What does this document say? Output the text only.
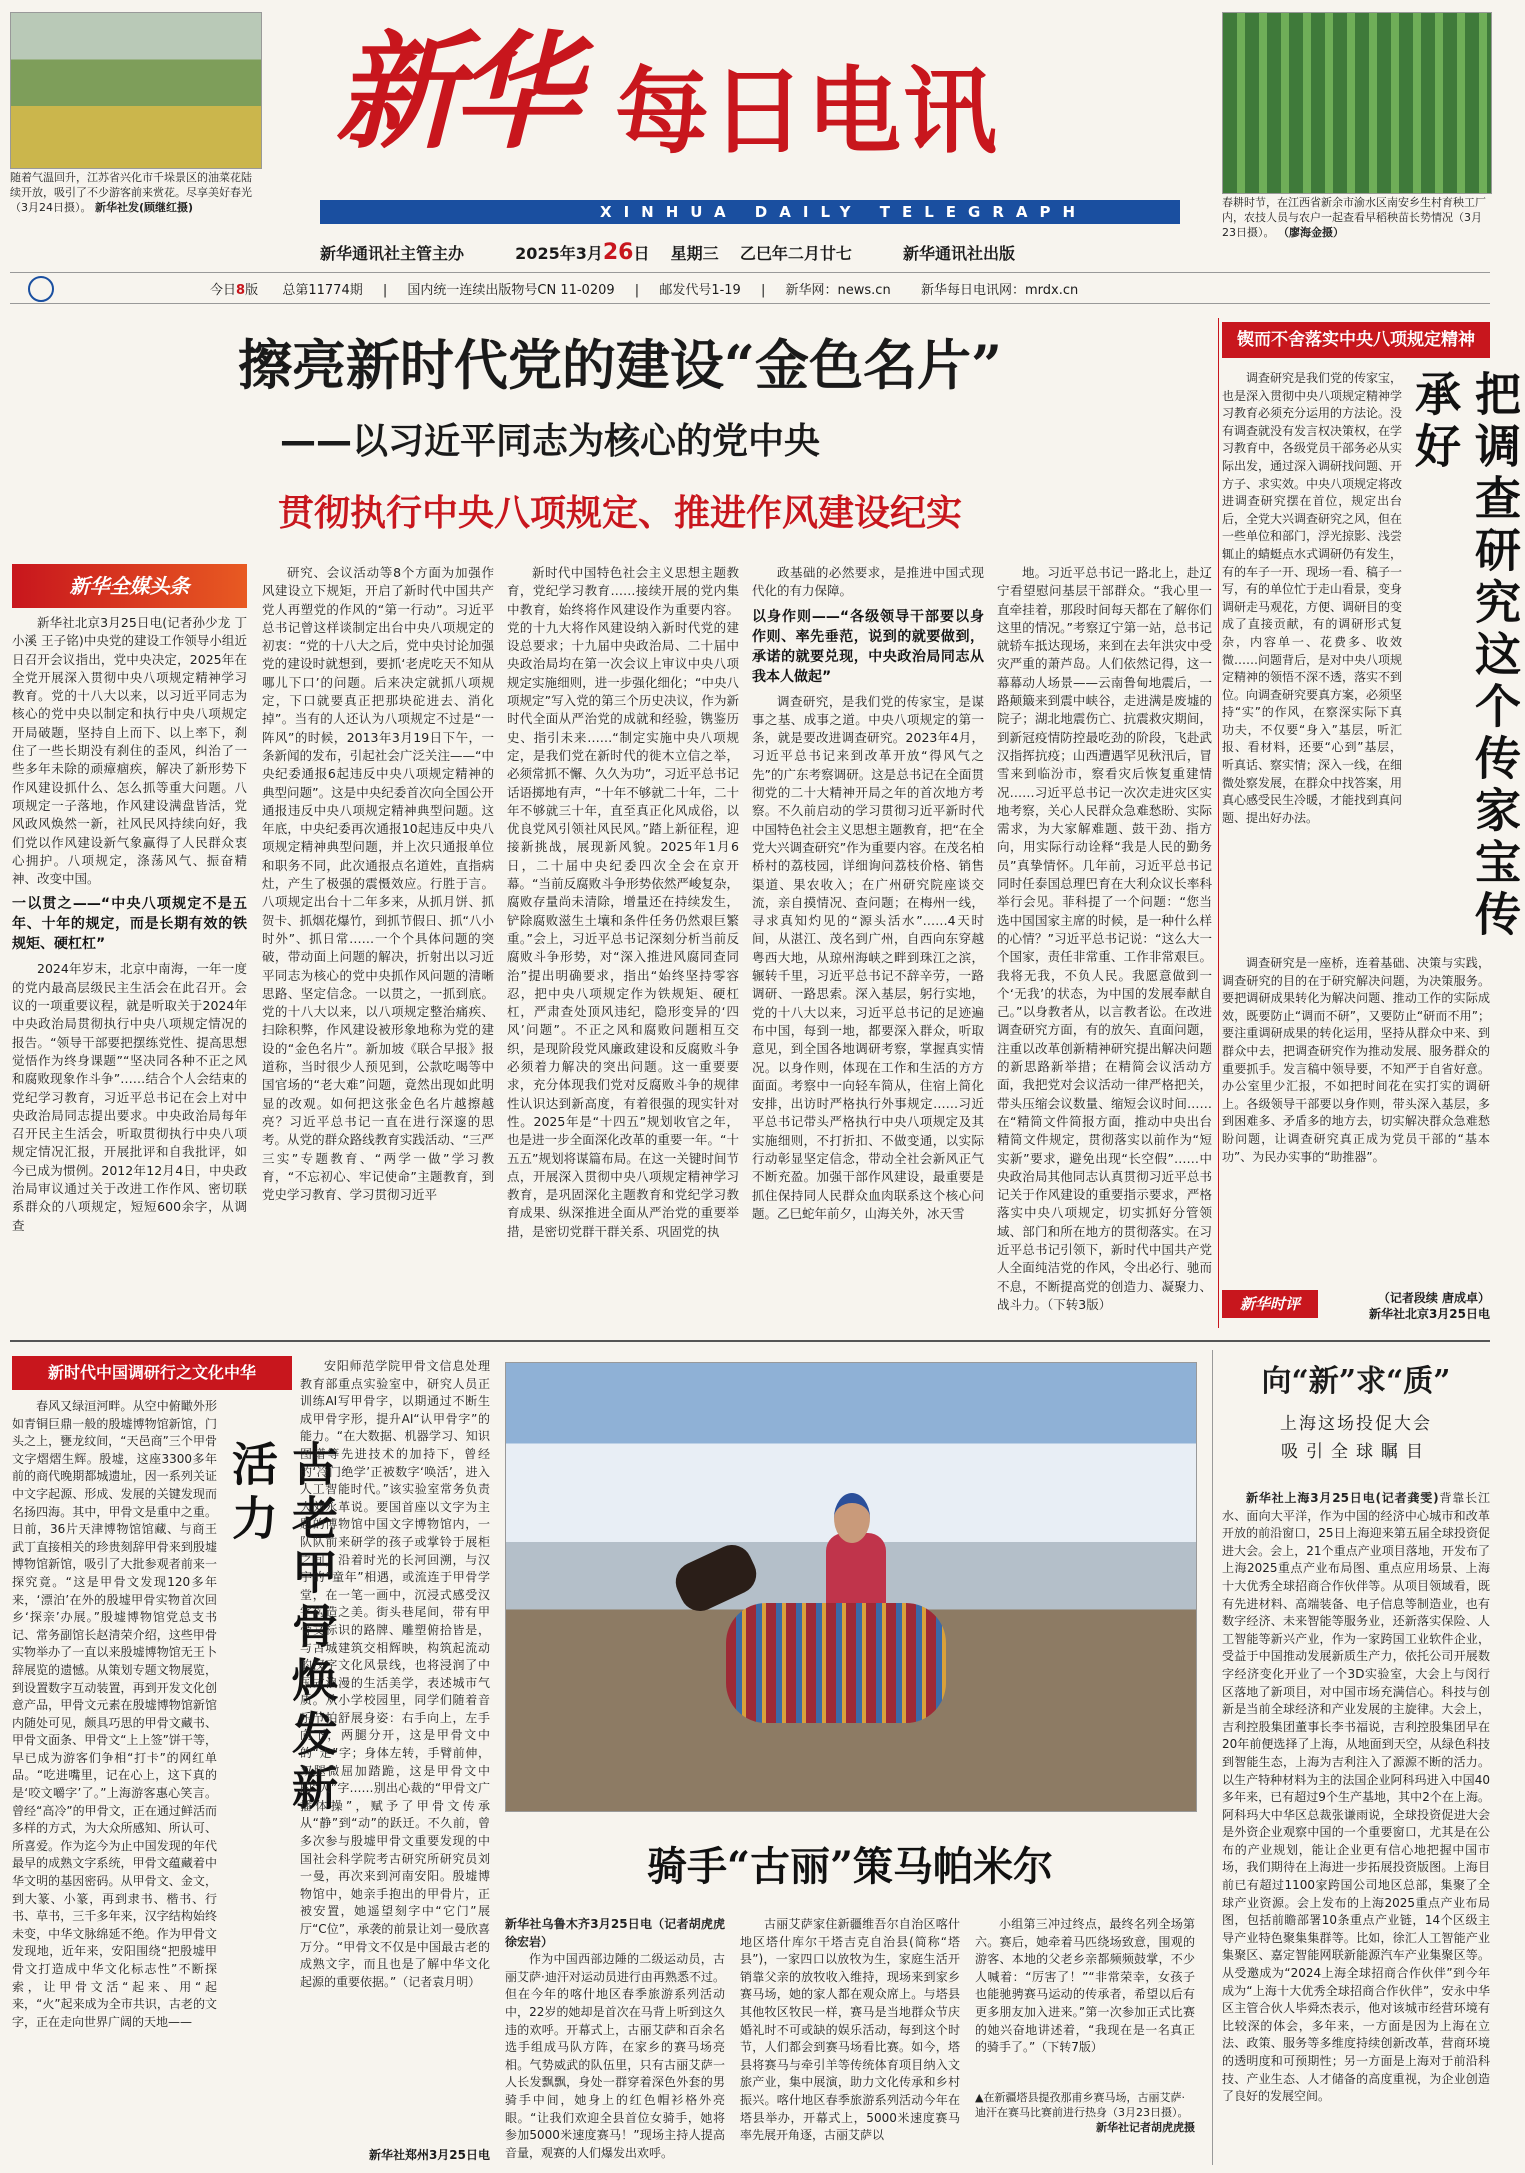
随着气温回升，江苏省兴化市千垛景区的油菜花陆续开放，吸引了不少游客前来赏花。尽享美好春光（3月24日摄）。 新华社发(顾继红摄)	春耕时节，在江西省新余市渝水区南安乡生村育秧工厂内，农技人员与农户一起查看早稻秧苗长势情况（3月23日摄）。 （廖海金摄）
新华 每日电讯
XINHUA DAILY TELEGRAPH
新华通讯社主管主办	2025年3月26日 星期三 乙巳年二月廿七	新华通讯社出版
今日8版 总第11774期 | 国内统一连续出版物号CN 11-0209 | 邮发代号1-19 | 新华网：news.cn 新华每日电讯网：mrdx.cn
擦亮新时代党的建设“金色名片”
——以习近平同志为核心的党中央
贯彻执行中央八项规定、推进作风建设纪实
新华全媒头条

新华社北京3月25日电(记者孙少龙 丁小溪 王子铭)中央党的建设工作领导小组近日召开会议指出，党中央决定，2025年在全党开展深入贯彻中央八项规定精神学习教育。党的十八大以来，以习近平同志为核心的党中央以制定和执行中央八项规定开局破题，坚持自上而下、以上率下，刹住了一些长期没有刹住的歪风，纠治了一些多年未除的顽瘴痼疾，解决了新形势下作风建设抓什么、怎么抓等重大问题。八项规定一子落地，作风建设满盘皆活，党风政风焕然一新，社风民风持续向好，我们党以作风建设新气象赢得了人民群众衷心拥护。八项规定，涤荡风气、振奋精神、改变中国。

一以贯之——“中央八项规定不是五年、十年的规定，而是长期有效的铁规矩、硬杠杠”

2024年岁末，北京中南海，一年一度的党内最高层级民主生活会在此召开。会议的一项重要议程，就是听取关于2024年中央政治局贯彻执行中央八项规定情况的报告。“领导干部要把摆练党性、提高思想觉悟作为终身课题”“坚决同各种不正之风和腐败现象作斗争”……结合个人会结束的党纪学习教育，习近平总书记在会上对中央政治局同志提出要求。中央政治局每年召开民主生活会，听取贯彻执行中央八项规定情况汇报，开展批评和自我批评，如今已成为惯例。2012年12月4日，中央政治局审议通过关于改进工作作风、密切联系群众的八项规定，短短600余字，从调查

研究、会议活动等8个方面为加强作风建设立下规矩，开启了新时代中国共产党人再塑党的作风的“第一行动”。习近平总书记曾这样谈制定出台中央八项规定的初衷：“党的十八大之后，党中央讨论加强党的建设时就想到，要抓‘老虎吃天不知从哪儿下口’的问题。后来决定就抓八项规定，下口就要真正把那块砣进去、消化掉”。当有的人还认为八项规定不过是“一阵风”的时候，2013年3月19日下午，一条新闻的发布，引起社会广泛关注——“中央纪委通报6起违反中央八项规定精神的典型问题”。这是中央纪委首次向全国公开通报违反中央八项规定精神典型问题。这年底，中央纪委再次通报10起违反中央八项规定精神典型问题，并上次只通报单位和职务不同，此次通报点名道姓，直指病灶，产生了极强的震慑效应。行胜于言。八项规定出台十二年多来，从抓月饼、抓贺卡、抓烟花爆竹，到抓节假日、抓“八小时外”、抓日常……一个个具体问题的突破，带动面上问题的解决，折射出以习近平同志为核心的党中央抓作风问题的清晰思路、坚定信念。一以贯之，一抓到底。党的十八大以来，以八项规定整治痛疾、扫除积弊，作风建设被形象地称为党的建设的“金色名片”。新加坡《联合早报》报道称，当时很少人预见到，公款吃喝等中国官场的“老大难”问题，竟然出现如此明显的改观。如何把这张金色名片越擦越亮？习近平总书记一直在进行深邃的思考。从党的群众路线教育实践活动、“三严三实”专题教育、“两学一做”学习教育，“不忘初心、牢记使命”主题教育，到党史学习教育、学习贯彻习近平

新时代中国特色社会主义思想主题教育，党纪学习教育……接续开展的党内集中教育，始终将作风建设作为重要内容。党的十九大将作风建设纳入新时代党的建设总要求；十九届中央政治局、二十届中央政治局均在第一次会议上审议中央八项规定实施细则，进一步强化细化；“中央八项规定”写入党的第三个历史决议，作为新时代全面从严治党的成就和经验，镌鉴历史、指引未来……“制定实施中央八项规定，是我们党在新时代的徙木立信之举，必须常抓不懈、久久为功”，习近平总书记话语掷地有声，“十年不够就二十年，二十年不够就三十年，直至真正化风成俗，以优良党风引领社风民风。”踏上新征程，迎接新挑战，展现新风貌。2025年1月6日，二十届中央纪委四次全会在京开幕。“当前反腐败斗争形势依然严峻复杂，腐败存量尚未清除，增量还在持续发生，铲除腐败滋生土壤和条件任务仍然艰巨繁重。”会上，习近平总书记深刻分析当前反腐败斗争形势，对“深入推进风腐同查同治”提出明确要求，指出“始终坚持零容忍，把中央八项规定作为铁规矩、硬杠杠，严肃查处顶风违纪，隐形变异的‘四风’问题”。不正之风和腐败问题相互交织，是现阶段党风廉政建设和反腐败斗争必须着力解决的突出问题。这一重要要求，充分体现我们党对反腐败斗争的规律性认识达到新高度，有着很强的现实针对性。2025年是“十四五”规划收官之年，也是进一步全面深化改革的重要一年。“十五五”规划将谋篇布局。在这一关键时间节点，开展深入贯彻中央八项规定精神学习教育，是巩固深化主题教育和党纪学习教育成果、纵深推进全面从严治党的重要举措，是密切党群干群关系、巩固党的执

政基础的必然要求，是推进中国式现代化的有力保障。

以身作则——“各级领导干部要以身作则、率先垂范，说到的就要做到，承诺的就要兑现，中央政治局同志从我本人做起”

调查研究，是我们党的传家宝，是谋事之基、成事之道。中央八项规定的第一条，就是要改进调查研究。2023年4月，习近平总书记来到改革开放“得风气之先”的广东考察调研。这是总书记在全面贯彻党的二十大精神开局之年的首次地方考察。不久前启动的学习贯彻习近平新时代中国特色社会主义思想主题教育，把“在全党大兴调查研究”作为重要内容。在茂名柏桥村的荔枝园，详细询问荔枝价格、销售渠道、果农收入；在广州研究院座谈交流，亲自摸情况、查问题；在梅州一线，寻求真知灼见的“源头活水”……4天时间，从湛江、茂名到广州，自西向东穿越粤西大地，从琼州海峡之畔到珠江之滨，辗转千里，习近平总书记不辞辛劳，一路调研、一路思索。深入基层，躬行实地，党的十八大以来，习近平总书记的足迹遍布中国，每到一地，都要深入群众，听取意见，到全国各地调研考察，掌握真实情况。以身作则，体现在工作和生活的方方面面。考察中一向轻车简从，住宿上简化安排，出访时严格执行外事规定……习近平总书记带头严格执行中央八项规定及其实施细则，不打折扣、不做变通，以实际行动彰显坚定信念，带动全社会新风正气不断充盈。加强干部作风建设，最重要是抓住保持同人民群众血肉联系这个核心问题。乙巳蛇年前夕，山海关外，冰天雪

地。习近平总书记一路北上，赴辽宁看望慰问基层干部群众。“我心里一直牵挂着，那段时间每天都在了解你们这里的情况。”考察辽宁第一站，总书记就轿车抵达现场，来到在去年洪灾中受灾严重的萧芦岛。人们依然记得，这一幕幕动人场景——云南鲁甸地震后，一路颠簸来到震中峡谷，走进满是废墟的院子；湖北地震伤亡、抗震救灾期间，到新冠疫情防控最吃劲的阶段，飞赴武汉指挥抗疫；山西遭遇罕见秋汛后，冒雪来到临汾市，察看灾后恢复重建情况……习近平总书记一次次走进灾区实地考察，关心人民群众急难愁盼、实际需求，为大家解难题、鼓干劲、指方向，用实际行动诠释“我是人民的勤务员”真挚情怀。几年前，习近平总书记同时任泰国总理巴育在大利众议长率科举行会见。菲科提了一个问题：“您当选中国国家主席的时候，是一种什么样的心情？”习近平总书记说：“这么大一个国家，责任非常重、工作非常艰巨。我将无我，不负人民。我愿意做到一个‘无我’的状态，为中国的发展奉献自己。”以身教者从，以言教者讼。在改进调查研究方面，有的放矢、直面问题，注重以改革创新精神研究提出解决问题的新思路新举措；在精简会议活动方面，我把党对会议活动一律严格把关，带头压缩会议数量、缩短会议时间……在“精简文件简报方面，推动中央出台精简文件规定，贯彻落实以前作为“短实新”要求，避免出现“长空假”……中央政治局其他同志认真贯彻习近平总书记关于作风建设的重要指示要求，严格落实中央八项规定，切实抓好分管领域、部门和所在地方的贯彻落实。在习近平总书记引领下，新时代中国共产党人全面纯洁党的作风，令出必行、驰而不息，不断提高党的创造力、凝聚力、战斗力。（下转3版）

锲而不舍落实中央八项规定精神
把调查研究这个传家宝传承好

调查研究是我们党的传家宝，也是深入贯彻中央八项规定精神学习教育必须充分运用的方法论。没有调查就没有发言权决策权，在学习教育中，各级党员干部务必从实际出发，通过深入调研找问题、开方子、求实效。中央八项规定将改进调查研究摆在首位，规定出台后，全党大兴调查研究之风，但在一些单位和部门，浮光掠影、浅尝辄止的蜻蜓点水式调研仍有发生，有的车子一开、现场一看、稿子一写，有的单位忙于走山看景，变身调研走马观花，方便、调研目的变成了直接贡献，有的调研形式复杂，内容单一、花费多、收效微……问题背后，是对中央八项规定精神的领悟不深不透，落实不到位。向调查研究要真方案，必须坚持“实”的作风，在察深实际下真功夫，不仅要“身入”基层，听汇报、看材料，还要“心到”基层，听真话、察实情；深入一线，在细微处察发展，在群众中找答案，用真心感受民生冷暖，才能找到真问题、提出好办法。

调查研究是一座桥，连着基础、决策与实践，调查研究的目的在于研究解决问题，为决策服务。要把调研成果转化为解决问题、推动工作的实际成效，既要防止“调而不研”，又要防止“研而不用”；要注重调研成果的转化运用，坚持从群众中来、到群众中去，把调查研究作为推动发展、服务群众的重要抓手。发言稿中领导要，不知严于自省好意。办公室里少汇报，不如把时间花在实打实的调研上。各级领导干部要以身作则，带头深入基层，多到困难多、矛盾多的地方去，切实解决群众急难愁盼问题，让调查研究真正成为党员干部的“基本功”、为民办实事的“助推器”。

新华时评	（记者段续 唐成卓）
新华社北京3月25日电
新时代中国调研行之文化中华
古老甲骨焕发新活力

春风又绿洹河畔。从空中俯瞰外形如青铜巨鼎一般的殷墟博物馆新馆，门头之上，甕龙纹间，“天邑商”三个甲骨文字熠熠生辉。殷墟，这座3300多年前的商代晚期都城遗址，因一系列关证中文字起源、形成、发展的关键发现而名扬四海。其中，甲骨文是重中之重。日前，36片天津博物馆馆藏、与商王武丁直接相关的珍贵刻辞甲骨来到殷墟博物馆新馆，吸引了大批参观者前来一探究竟。“这是甲骨文发现120多年来，‘漂泊’在外的殷墟甲骨实物首次回乡‘探亲’办展。”殷墟博物馆党总支书记、常务副馆长赵清荣介绍，这些甲骨实物举办了一直以来殷墟博物馆无王卜辞展览的遗憾。从策划专题文物展览，到设置数字互动装置，再到开发文化创意产品，甲骨文元素在殷墟博物馆新馆内随处可见，颇具巧思的甲骨文藏书、甲骨文面条、甲骨文“上上签”饼干等，早已成为游客们争相“打卡”的网红单品。“吃进嘴里，记在心上，这下真的是‘咬文嚼字’了。”上海游客惠心笑言。曾经“高冷”的甲骨文，正在通过鲜活而多样的方式，为大众所感知、所认可、所喜爱。作为迄今为止中国发现的年代最早的成熟文字系统，甲骨文蕴藏着中华文明的基因密码。从甲骨文、金文，到大篆、小篆，再到隶书、楷书、行书、草书，三千多年来，汉字结构始终未变，中华文脉绵延不绝。作为甲骨文发现地，近年来，安阳围绕“把殷墟甲骨文打造成中华文化标志性”不断探索，让甲骨文活“起来、用“起来，“火”起来成为全市共识，古老的文字，正在走向世界广阔的天地——

安阳师范学院甲骨文信息处理教育部重点实验室中，研究人员正训练AI写甲骨字，以期通过不断生成甲骨字形，提升AI“认甲骨字”的能力。“在大数据、机器学习、知识图谱等先进技术的加持下，曾经的‘冷门绝学’正被数字‘唤活’，进入人工智能时代。”该实验室常务负责人刘永革说。要国首座以文字为主题的博物馆中国文字博物馆内，一队队前来研学的孩子或掌铃于展柜之间，沿着时光的长河回溯，与汉字的“童年”相遇，或流连于甲骨学堂，在一笔一画中，沉浸式感受汉字构造之美。街头巷尾间，带有甲骨文标识的路牌、雕塑俯拾皆是，与古城建筑交相辉映，构筑起流动的汉字文化风景线，也将浸润了中国式浪漫的生活美学，表述城市气质。从小学校园里，同学们随着音乐节拍舒展身姿：右手向上，左手向下，两腿分开，这是甲骨文中的“走”字；身体左转，手臂前伸，双腿微屈加踏跪，这是甲骨文中的“人”字……别出心裁的“甲骨文广播体操”，赋予了甲骨文传承从“静”到“动”的跃迁。不久前，曾多次参与殷墟甲骨文重要发现的中国社会科学院考古研究所研究员刘一曼，再次来到河南安阳。殷墟博物馆中，她亲手抱出的甲骨片，正被安置，她遥望刻字中“它门”展厅“C位”，承袭的前景让刘一曼欣喜万分。“甲骨文不仅是中国最古老的成熟文字，而且也是了解中华文化起源的重要依据。”（记者袁月明）

新华社郑州3月25日电
骑手“古丽”策马帕米尔
新华社乌鲁木齐3月25日电（记者胡虎虎 徐宏岩）

作为中国西部边陲的二级运动员，古丽艾萨·迪汗对运动员进行由再熟悉不过。但在今年的喀什地区春季旅游系列活动中，22岁的她却是首次在马背上听到这久违的欢呼。开幕式上，古丽艾萨和百余名选手组成马队方阵，在家乡的赛马场亮相。气势威武的队伍里，只有古丽艾萨一人长发飘飘，身处一群穿着深色外套的男骑手中间，她身上的红色帽衫格外亮眼。“让我们欢迎全县首位女骑手，她将参加5000米速度赛马！”现场主持人提高音量，观赛的人们爆发出欢呼。

古丽艾萨家住新疆维吾尔自治区喀什地区塔什库尔干塔吉克自治县(简称“塔县”)，一家四口以放牧为生，家庭生活开销靠父亲的放牧收入维持，现场来到家乡赛马场，她的家人都在观众席上。与塔县其他牧区牧民一样，赛马是当地群众节庆婚礼时不可或缺的娱乐活动，每到这个时节，人们都会到赛马场看比赛。如今，塔县将赛马与牵引羊等传统体育项目纳入文旅产业，集中展演，助力文化传承和乡村振兴。喀什地区春季旅游系列活动今年在塔县举办，开幕式上，5000米速度赛马率先展开角逐，古丽艾萨以

小组第三冲过终点，最终名列全场第六。赛后，她牵着马匹绕场致意，围观的游客、本地的父老乡亲都频频鼓掌，不少人喊着：“厉害了！”“非常荣幸，女孩子也能驰骋赛马运动的传承者，希望以后有更多朋友加入进来。”第一次参加正式比赛的她兴奋地讲述着，“我现在是一名真正的骑手了。”（下转7版）

▲在新疆塔县提孜那甫乡赛马场，古丽艾萨·迪汗在赛马比赛前进行热身（3月23日摄）。
新华社记者胡虎虎摄
向“新”求“质”
上海这场投促大会
吸引全球瞩目

新华社上海3月25日电(记者龚雯)背靠长江水、面向大平洋，作为中国的经济中心城市和改革开放的前沿窗口，25日上海迎来第五届全球投资促进大会。会上，21个重点产业项目落地，开发布了上海2025重点产业布局图、重点应用场景、上海十大优秀全球招商合作伙伴等。从项目领域看，既有先进材料、高端装备、电子信息等制造业，也有数字经济、未来智能等服务业，还新落实保险、人工智能等新兴产业，作为一家跨国工业软件企业，受益于中国推动发展新质生产力，依托公司开展数字经济变化开业了一个3D实验室，大会上与闵行区落地了新项目，对中国市场充满信心。科技与创新是当前全球经济和产业发展的主旋律。大会上，吉利控股集团董事长李书福说，吉利控股集团早在20年前便选择了上海，从地面到天空，从绿色科技到智能生态，上海为吉利注入了源源不断的活力。以生产特种材料为主的法国企业阿科玛进入中国40多年来，已有超过9个生产基地，其中2个在上海。阿科玛大中华区总裁张谦雨说，全球投资促进大会是外资企业观察中国的一个重要窗口，尤其是在公布的产业规划，能让企业更有信心地把握中国市场，我们期待在上海进一步拓展投资版图。上海目前已有超过1100家跨国公司地区总部，集聚了全球产业资源。会上发布的上海2025重点产业布局图，包括前瞻部署10条重点产业链，14个区级主导产业特色聚集集群等。比如，徐汇人工智能产业集聚区、嘉定智能网联新能源汽车产业集聚区等。从受邀成为“2024上海全球招商合作伙伴”到今年成为“上海十大优秀全球招商合作伙伴”，安永中华区主管合伙人毕舜杰表示，他对该城市经营环境有比较深的体会，多年来，一方面是因为上海在立法、政策、服务等多维度持续创新改革，营商环境的透明度和可预期性；另一方面是上海对于前沿科技、产业生态、人才储备的高度重视，为企业创造了良好的发展空间。
